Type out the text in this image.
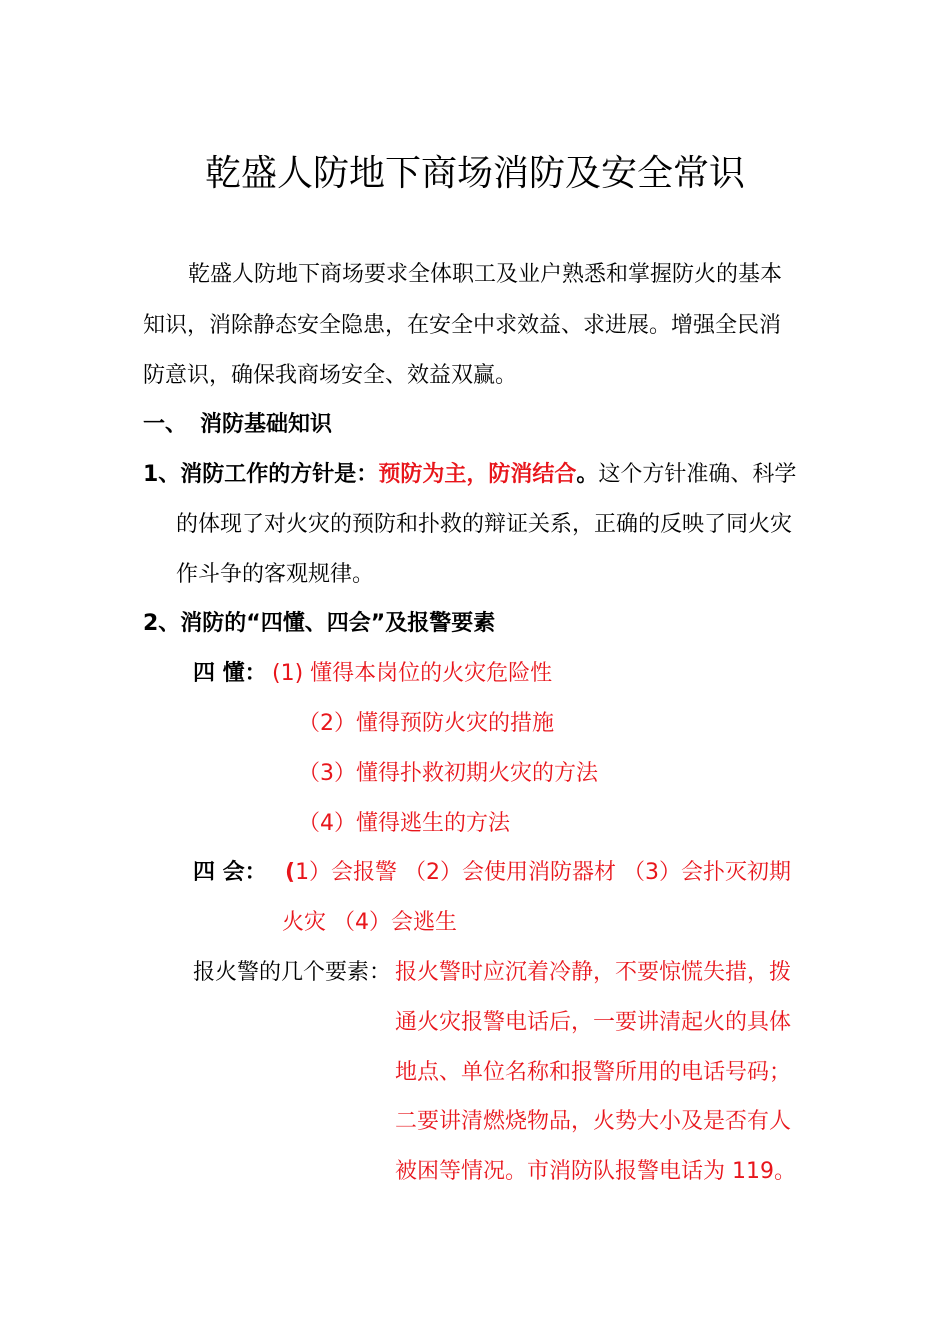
乾盛人防地下商场消防及安全常识
乾盛人防地下商场要求全体职工及业户熟悉和掌握防火的基本
知识，消除静态安全隐患，在安全中求效益、求进展。增强全民消
防意识，确保我商场安全、效益双赢。
一、 消防基础知识
1、消防工作的方针是：预防为主，防消结合。这个方针准确、科学
的体现了对火灾的预防和扑救的辩证关系，正确的反映了同火灾
作斗争的客观规律。
2、消防的“四懂、四会”及报警要素
四 懂： (1) 懂得本岗位的火灾危险性
（2）懂得预防火灾的措施
（3）懂得扑救初期火灾的方法
（4）懂得逃生的方法
四 会： (1）会报警 （2）会使用消防器材 （3）会扑灭初期
火灾 （4）会逃生
报火警的几个要素： 报火警时应沉着冷静，不要惊慌失措，拨
通火灾报警电话后，一要讲清起火的具体
地点、单位名称和报警所用的电话号码；
二要讲清燃烧物品，火势大小及是否有人
被困等情况。市消防队报警电话为 119。
